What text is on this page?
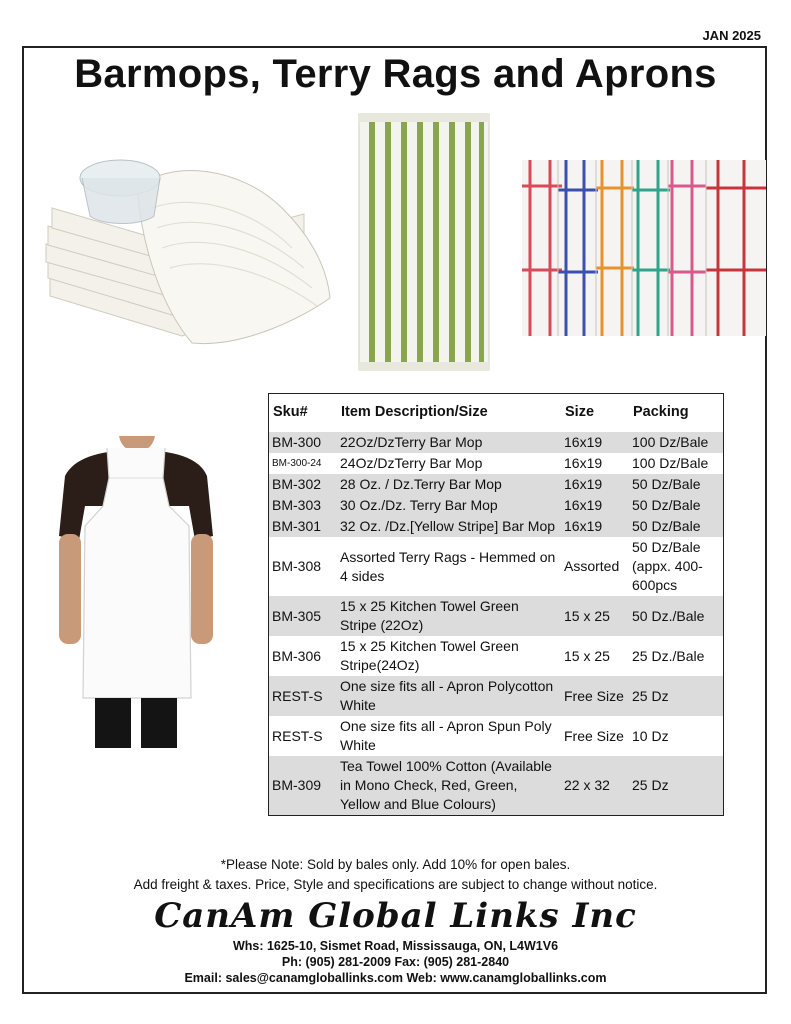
JAN 2025
Barmops, Terry Rags and Aprons
Sku#	Item Description/Size	Size	Packing
BM-300	22Oz/DzTerry Bar Mop	16x19	100 Dz/Bale
BM-300-24	24Oz/DzTerry Bar Mop	16x19	100 Dz/Bale
BM-302	28 Oz. / Dz.Terry Bar Mop	16x19	50 Dz/Bale
BM-303	30 Oz./Dz. Terry Bar Mop	16x19	50 Dz/Bale
BM-301	32 Oz. /Dz.[Yellow Stripe] Bar Mop	16x19	50 Dz/Bale
BM-308	Assorted Terry Rags - Hemmed on 4 sides	Assorted	50 Dz/Bale (appx. 400-600pcs
BM-305	15 x 25 Kitchen Towel Green Stripe (22Oz)	15 x 25	50 Dz./Bale
BM-306	15 x 25 Kitchen Towel Green Stripe(24Oz)	15 x 25	25 Dz./Bale
REST-S	One size fits all - Apron Polycotton White	Free Size	25 Dz
REST-S	One size fits all - Apron Spun Poly White	Free Size	10 Dz
BM-309	Tea Towel 100% Cotton (Available in Mono Check, Red, Green, Yellow and Blue Colours)	22 x 32	25 Dz
*Please Note: Sold by bales only. Add 10% for open bales.
Add freight & taxes. Price, Style and specifications are subject to change without notice.
CanAm Global Links Inc
Whs: 1625-10, Sismet Road, Mississauga, ON, L4W1V6
Ph: (905) 281-2009 Fax: (905) 281-2840
Email: sales@canamgloballinks.com Web: www.canamgloballinks.com
